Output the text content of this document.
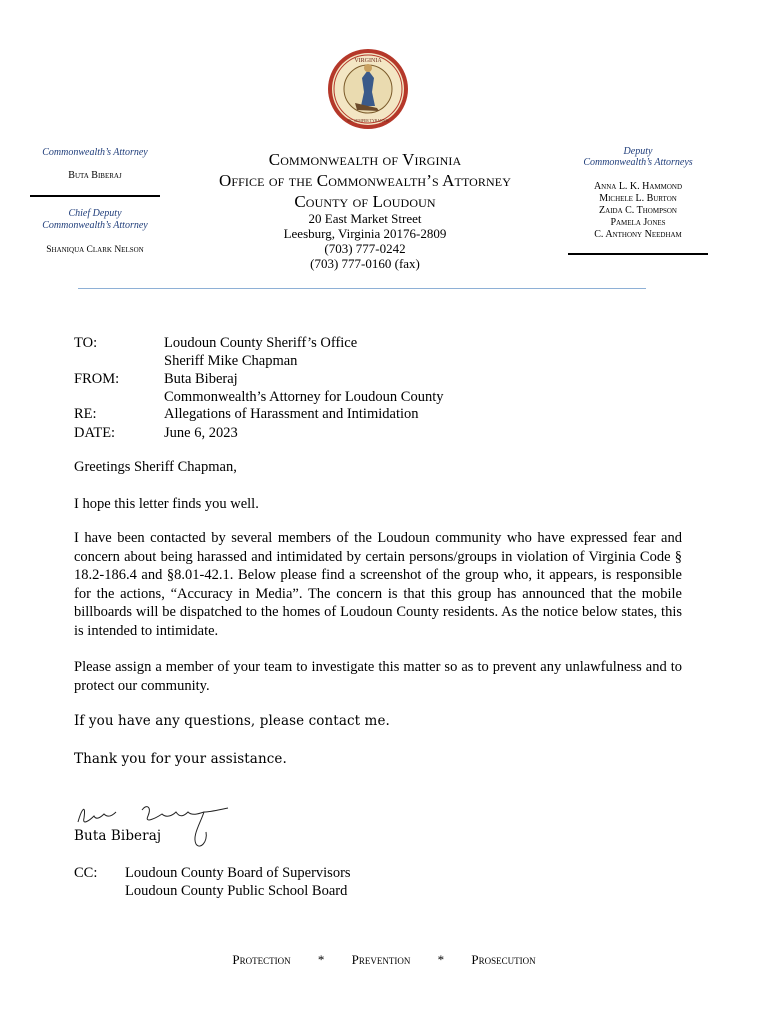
VIRGINIA
SIC SEMPER TYRANNIS
Commonwealth’s Attorney
Buta Biberaj
Chief Deputy
Commonwealth’s Attorney
Shaniqua Clark Nelson
Commonwealth of Virginia
Office of the Commonwealth’s Attorney
County of Loudoun
20 East Market Street
Leesburg, Virginia 20176-2809
(703) 777-0242
(703) 777-0160 (fax)
Deputy
Commonwealth’s Attorneys
Anna L. K. Hammond
Michele L. Burton
Zaida C. Thompson
Pamela Jones
C. Anthony Needham
TO:	Loudoun County Sheriff’s Office
Sheriff Mike Chapman
FROM:	Buta Biberaj
Commonwealth’s Attorney for Loudoun County
RE:	Allegations of Harassment and Intimidation
DATE:	June 6, 2023
Greetings Sheriff Chapman,
I hope this letter finds you well.
I have been contacted by several members of the Loudoun community who have expressed fear and concern about being harassed and intimidated by certain persons/groups in violation of Virginia Code § 18.2-186.4 and §8.01-42.1. Below please find a screenshot of the group who, it appears, is responsible for the actions, “Accuracy in Media”. The concern is that this group has announced that the mobile billboards will be dispatched to the homes of Loudoun County residents. As the notice below states, this is intended to intimidate.
Please assign a member of your team to investigate this matter so as to prevent any unlawfulness and to protect our community.
If you have any questions, please contact me.
Thank you for your assistance.
Buta Biberaj
CC: Loudoun County Board of Supervisors
Loudoun County Public School Board
Protection * Prevention * Prosecution
